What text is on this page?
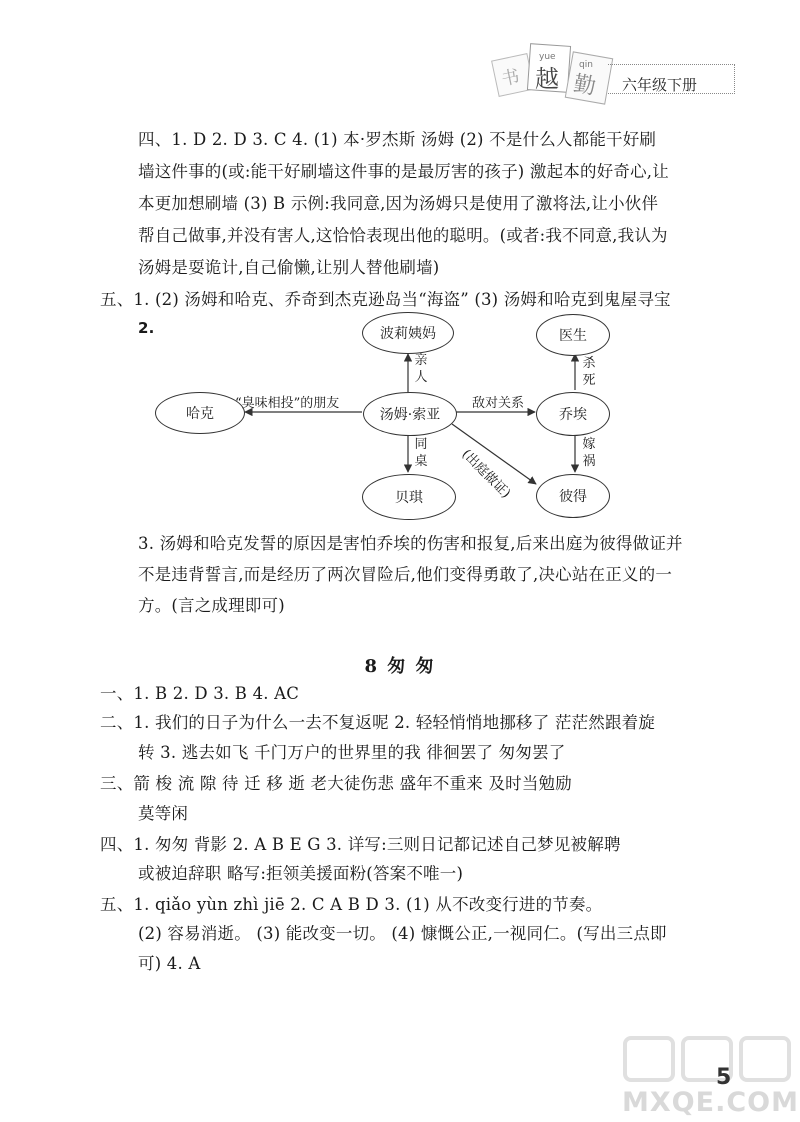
书 越 勤
yue
qin
六年级下册
四、1. D 2. D 3. C 4. (1) 本·罗杰斯 汤姆 (2) 不是什么人都能干好刷
墙这件事的(或:能干好刷墙这件事的是最厉害的孩子) 激起本的好奇心,让
本更加想刷墙 (3) B 示例:我同意,因为汤姆只是使用了激将法,让小伙伴
帮自己做事,并没有害人,这恰恰表现出他的聪明。(或者:我不同意,我认为
汤姆是耍诡计,自己偷懒,让别人替他刷墙)
五、1. (2) 汤姆和哈克、乔奇到杰克逊岛当“海盗” (3) 汤姆和哈克到鬼屋寻宝
2.	波莉姨妈
哈克	汤姆·索亚
贝琪
乔埃
医生
彼得
亲人
“臭味相投”的朋友
同桌
敌对关系
杀死
嫁祸
(出庭做证)
3. 汤姆和哈克发誓的原因是害怕乔埃的伤害和报复,后来出庭为彼得做证并
不是违背誓言,而是经历了两次冒险后,他们变得勇敢了,决心站在正义的一
方。(言之成理即可)
8 匆 匆
一、1. B 2. D 3. B 4. AC
二、1. 我们的日子为什么一去不复返呢 2. 轻轻悄悄地挪移了 茫茫然跟着旋
转 3. 逃去如飞 千门万户的世界里的我 徘徊罢了 匆匆罢了
三、箭 梭 流 隙 待 迁 移 逝 老大徒伤悲 盛年不重来 及时当勉励
莫等闲
四、1. 匆匆 背影 2. A B E G 3. 详写:三则日记都记述自己梦见被解聘
或被迫辞职 略写:拒领美援面粉(答案不唯一)
五、1. qiǎo yùn zhì jiē 2. C A B D 3. (1) 从不改变行进的节奏。
(2) 容易消逝。 (3) 能改变一切。 (4) 慷慨公正,一视同仁。(写出三点即
可) 4. A
MXQE.COM
5
